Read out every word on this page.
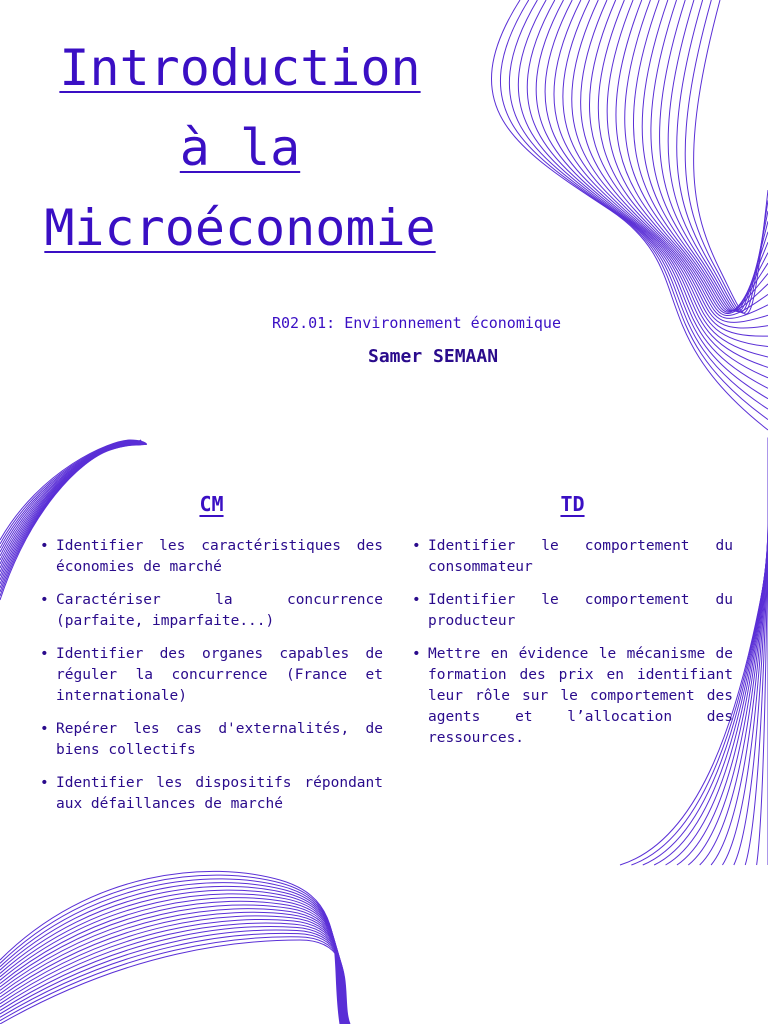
Introduction
à la
Microéconomie

R02.01: Environnement économique

Samer SEMAAN

CM
• Identifier les caractéristiques des économies de marché
• Caractériser la concurrence (parfaite, imparfaite...)
• Identifier des organes capables de réguler la concurrence (France et internationale)
• Repérer les cas d'externalités, de biens collectifs
• Identifier les dispositifs répondant aux défaillances de marché
TD
• Identifier le comportement du consommateur
• Identifier le comportement du producteur
• Mettre en évidence le mécanisme de formation des prix en identifiant leur rôle sur le comportement des agents et l’allocation des ressources.
